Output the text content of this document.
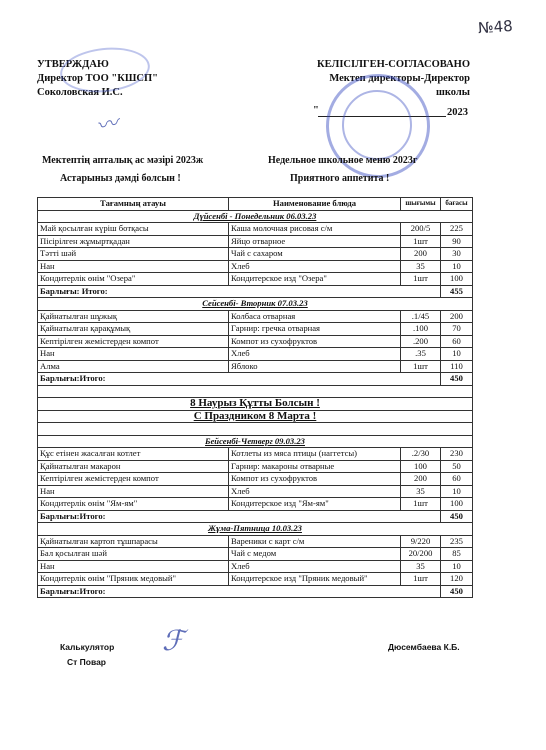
№48
УТВЕРЖДАЮ
Директор ТОО "КШСП"
Соколовская И.С.
〰
КЕЛІСІЛГЕН-СОГЛАСОВАНО
Мектеп директоры-Директор школы
"	2023
Мектептің апталық ас мәзірі 2023ж
Астарыныз дәмді болсын !
Недельное школьное меню 2023г
Приятного аппетита !
Тағамның атауы	Наименование блюда	шығымы	бағасы
Дүйсенбі - Понедельник 06.03.23			
Май қосылған күріш ботқасы	Каша молочная рисовая с/м	200/5	225
Пісірілген жұмыртқадан	Яйцо отварное	1шт	90
Тәтті шәй	Чай с сахаром	200	30
Нан	Хлеб	35	10
Кондитерлік өнім "Озера"	Кондитерское изд "Озера"	1шт	100
Барлығы: Итого:			455
Сейсенбі- Вторник 07.03.23			
Қайнатылған шұжық	Колбаса отварная	.1/45	200
Қайнатылған қарақұмық	Гарнир: гречка отварная	.100	70
Кептірілген жемістерден компот	Компот из сухофруктов	.200	60
Нан	Хлеб	.35	10
Алма	Яблоко	1шт	110
Барлығы:Итого:			450

8 Наурыз Құтты Болсын !			
С Праздником 8 Марта !			

Бейсенбі-Четверг 09.03.23			
Құс етінен жасалған котлет	Котлеты из мяса птицы (наггетсы)	.2/30	230
Қайнатылған макарон	Гарнир: макароны отварные	100	50
Кептірілген жемістерден компот	Компот из сухофруктов	200	60
Нан	Хлеб	35	10
Кондитерлік өнім "Ям-ям"	Кондитерское изд "Ям-ям"	1шт	100
Барлығы:Итого:			450
Жұма-Пятница 10.03.23			
Қайнатылған картоп тұшпарасы	Вареники с карт с/м	9/220	235
Бал қосылған шәй	Чай с медом	20/200	85
Нан	Хлеб	35	10
Кондитерлік өнім "Пряник медовый"	Кондитерское изд "Пряник медовый"	1шт	120
Барлығы:Итого:			450
Калькулятор
Ст Повар
ℱ	Дюсембаева К.Б.
